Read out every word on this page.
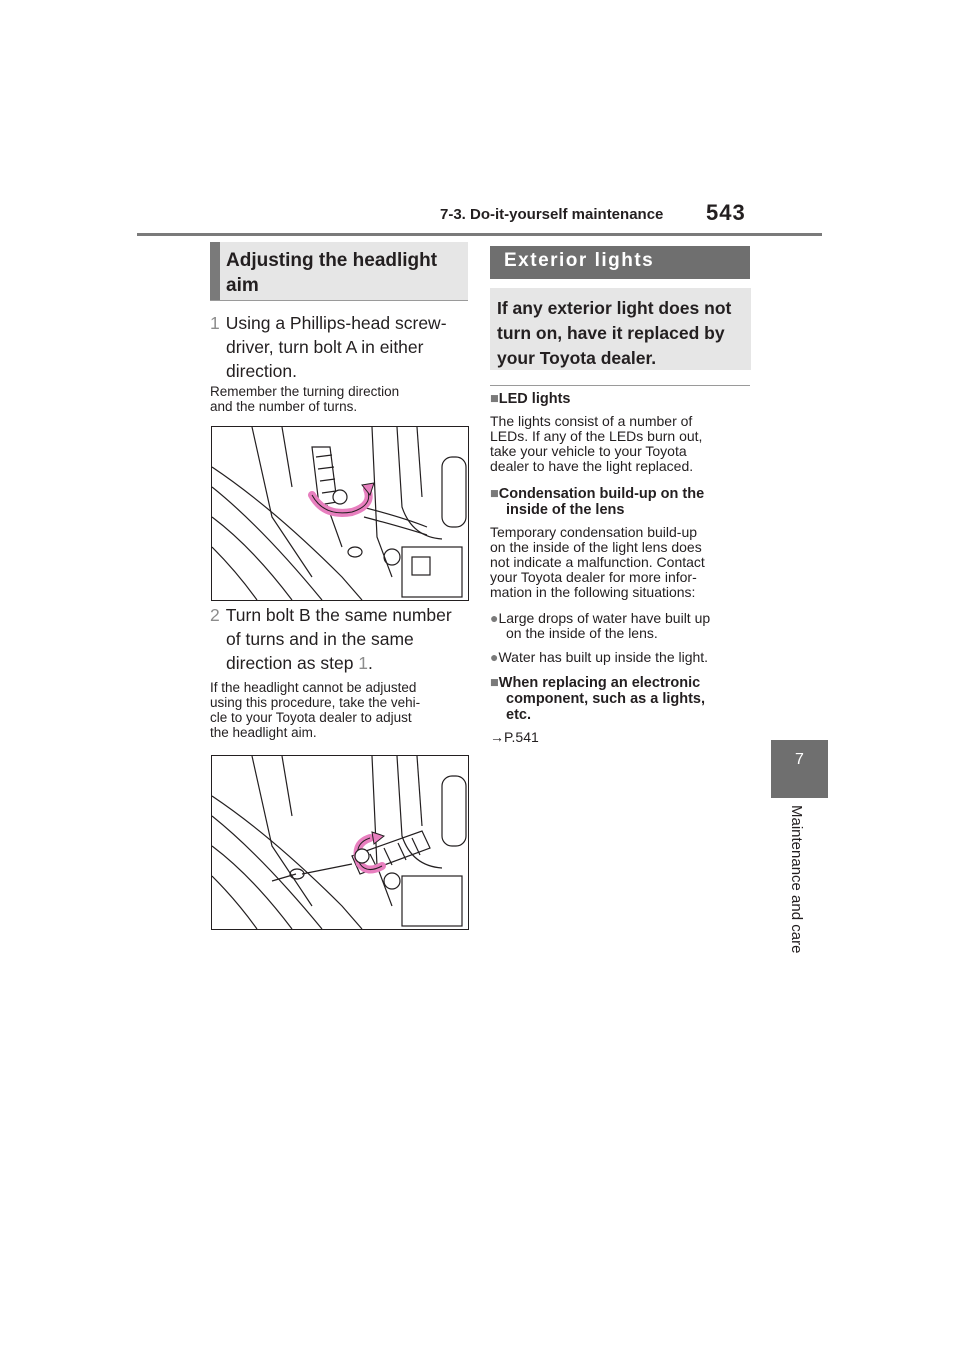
7-3. Do-it-yourself maintenance 543
7
Maintenance and care
Adjusting the headlight aim
1 Using a Phillips-head screw-
driver, turn bolt A in either
direction.
Remember the turning direction
and the number of turns.
2 Turn bolt B the same number
of turns and in the same
direction as step 1.
If the headlight cannot be adjusted
using this procedure, take the vehi-
cle to your Toyota dealer to adjust
the headlight aim.
Exterior lights
If any exterior light does not
turn on, have it replaced by
your Toyota dealer.
■LED lights
The lights consist of a number of
LEDs. If any of the LEDs burn out,
take your vehicle to your Toyota
dealer to have the light replaced.
■Condensation build-up on the
inside of the lens
Temporary condensation build-up
on the inside of the light lens does
not indicate a malfunction. Contact
your Toyota dealer for more infor-
mation in the following situations:
●Large drops of water have built up
on the inside of the lens.
●Water has built up inside the light.
■When replacing an electronic
component, such as a lights,
etc.
→P.541
